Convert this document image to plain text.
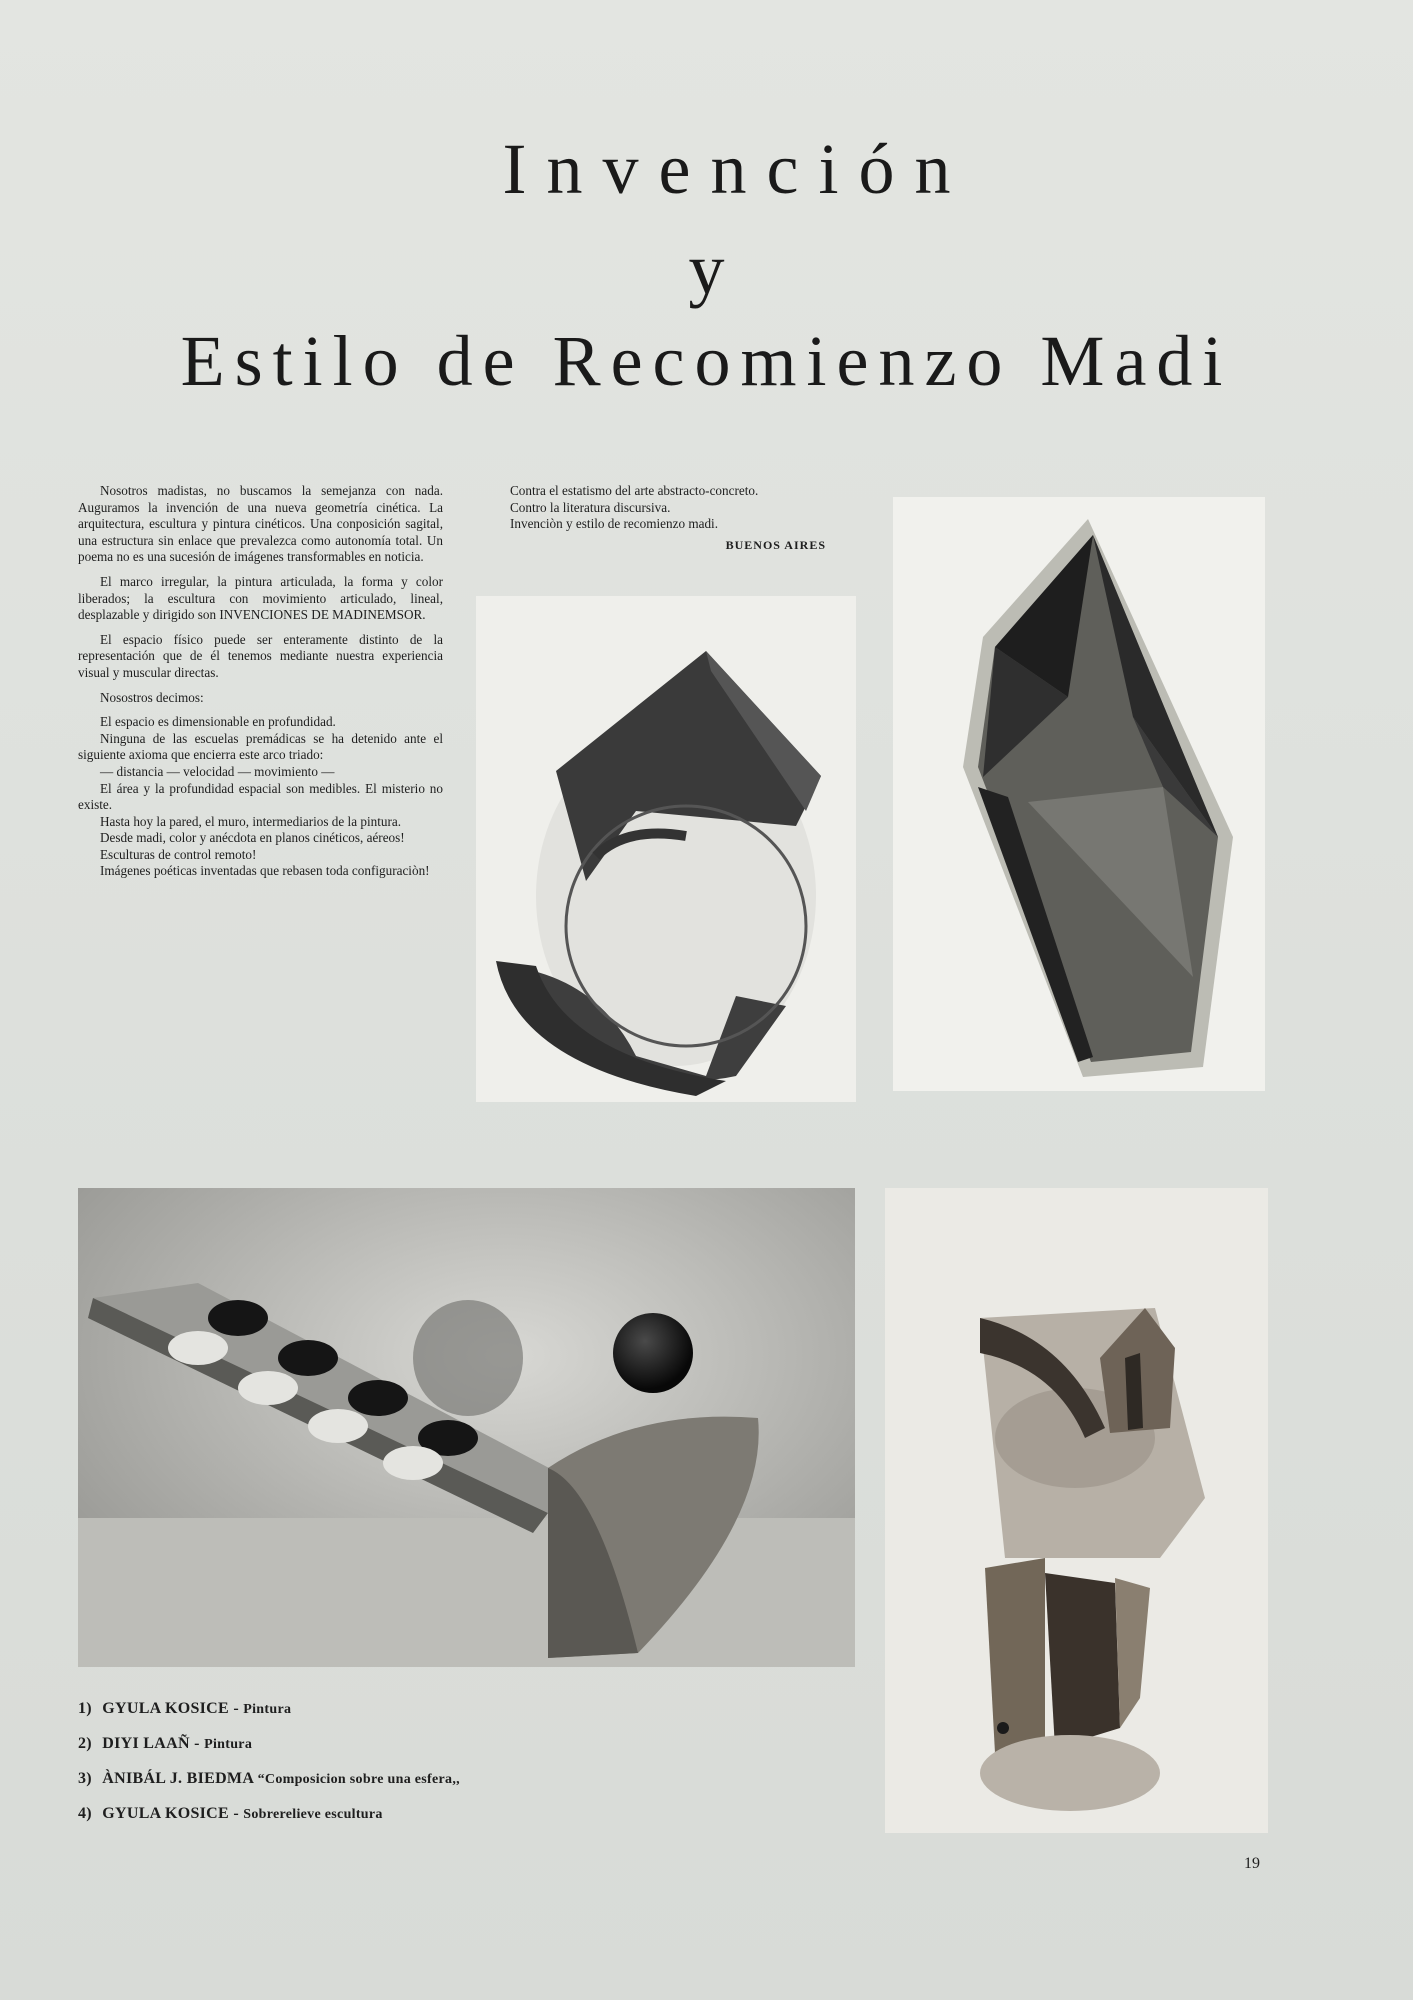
Invención
y
Estilo de Recomienzo Madi

Nosotros madistas, no buscamos la semejanza con nada. Auguramos la invención de una nueva geometría cinética. La arquitectura, escultura y pintura cinéticos. Una conposición sagital, una estructura sin enlace que prevalezca como autonomía total. Un poema no es una sucesión de imágenes transformables en noticia.

El marco irregular, la pintura articulada, la forma y color liberados; la escultura con movimiento articulado, lineal, desplazable y dirigido son INVENCIONES DE MADINEMSOR.

El espacio físico puede ser enteramente distinto de la representación que de él tenemos mediante nuestra experiencia visual y muscular directas.

Nosostros decimos:

El espacio es dimensionable en profundidad.

Ninguna de las escuelas premádicas se ha detenido ante el siguiente axioma que encierra este arco triado:

— distancia — velocidad — movimiento —

El área y la profundidad espacial son medibles. El misterio no existe.

Hasta hoy la pared, el muro, intermediarios de la pintura.

Desde madi, color y anécdota en planos cinéticos, aéreos!

Esculturas de control remoto!

Imágenes poéticas inventadas que rebasen toda configuraciòn!

Contra el estatismo del arte abstracto-concreto.

Contro la literatura discursiva.

Invenciòn y estilo de recomienzo madi.

BUENOS AIRES
1) GYULA KOSICE - Pintura
2) DIYI LAAÑ - Pintura
3) ÀNIBÁL J. BIEDMA “Composicion sobre una esfera,,
4) GYULA KOSICE - Sobrerelieve escultura
19
